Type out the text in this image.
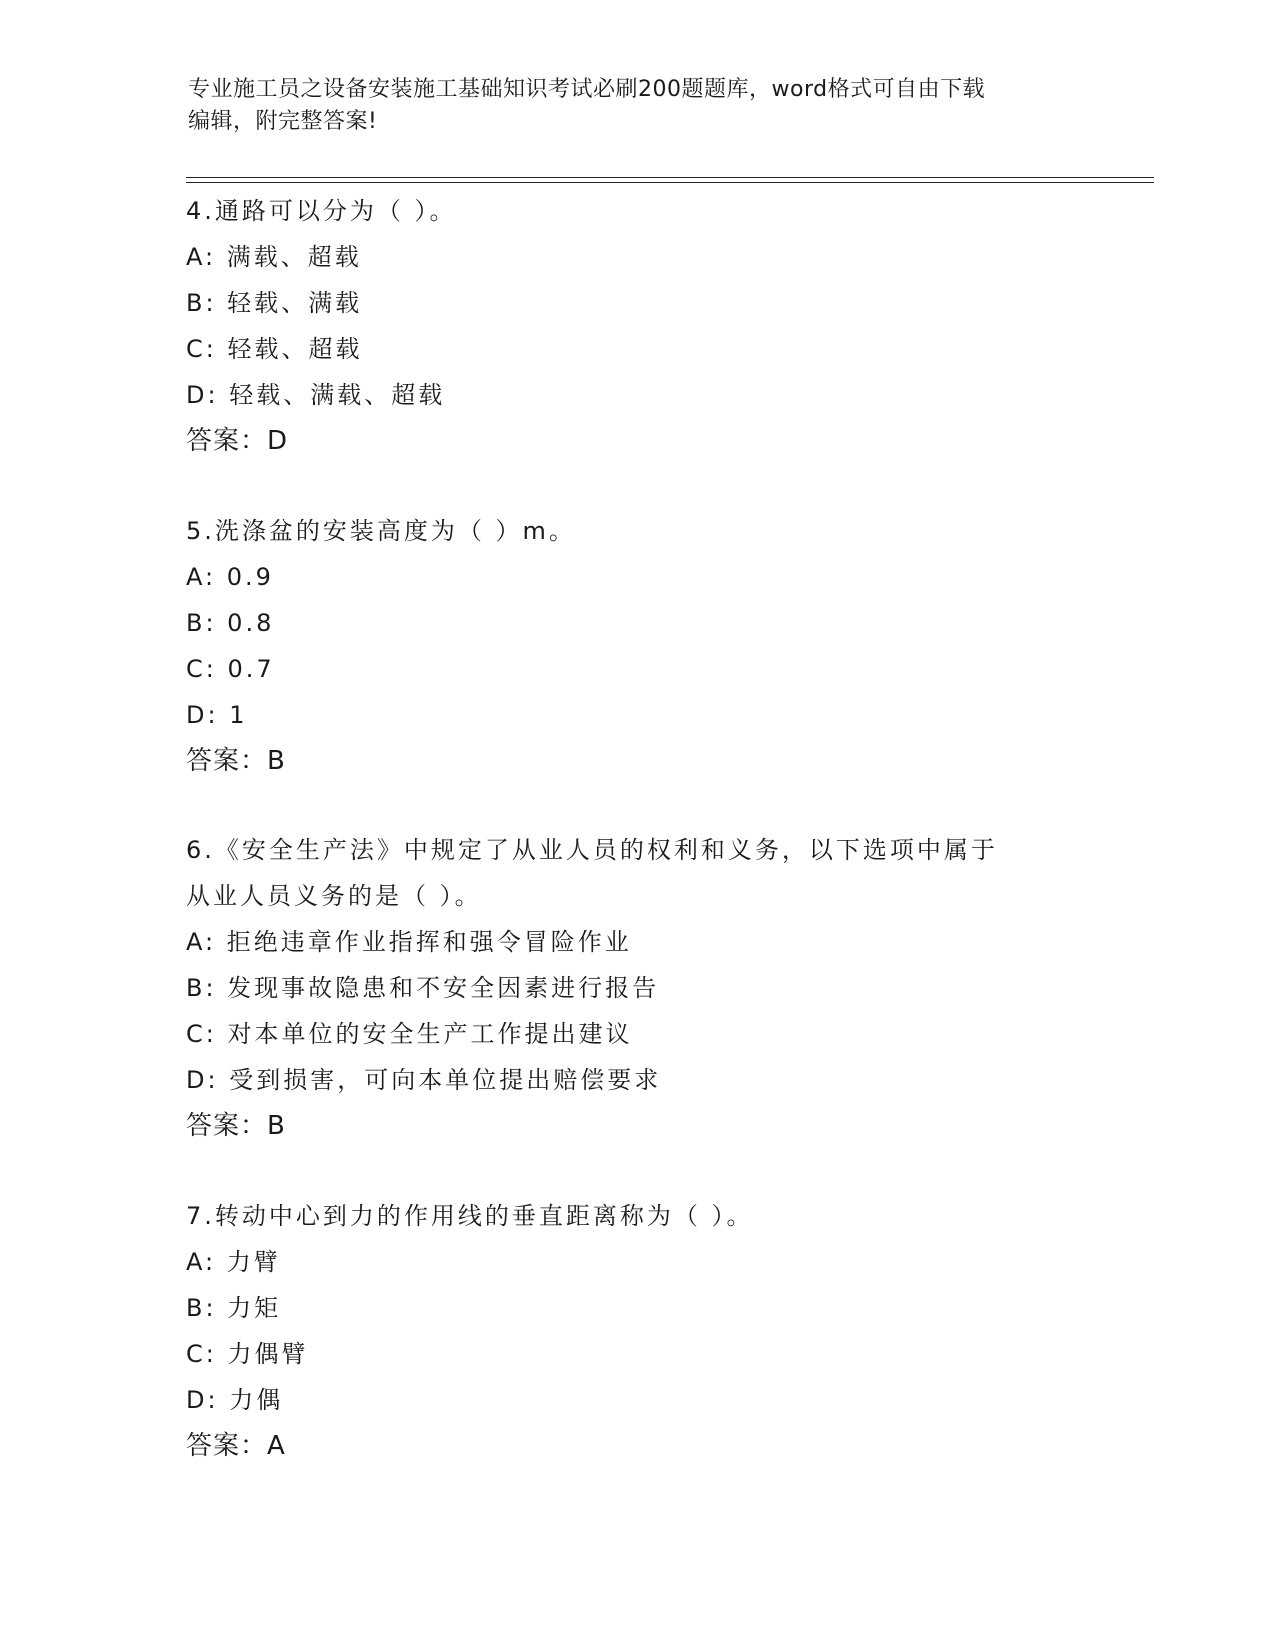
专业施工员之设备安装施工基础知识考试必刷200题题库，word格式可自由下载
编辑，附完整答案!

4.通路可以分为（ ）。

A: 满载、超载

B: 轻载、满载

C: 轻载、超载

D: 轻载、满载、超载

答案：D

5.洗涤盆的安装高度为（ ）m。

A: 0.9

B: 0.8

C: 0.7

D: 1

答案：B

6.《安全生产法》中规定了从业人员的权利和义务，以下选项中属于

从业人员义务的是（ ）。

A: 拒绝违章作业指挥和强令冒险作业

B: 发现事故隐患和不安全因素进行报告

C: 对本单位的安全生产工作提出建议

D: 受到损害，可向本单位提出赔偿要求

答案：B

7.转动中心到力的作用线的垂直距离称为（ ）。

A: 力臂

B: 力矩

C: 力偶臂

D: 力偶

答案：A
